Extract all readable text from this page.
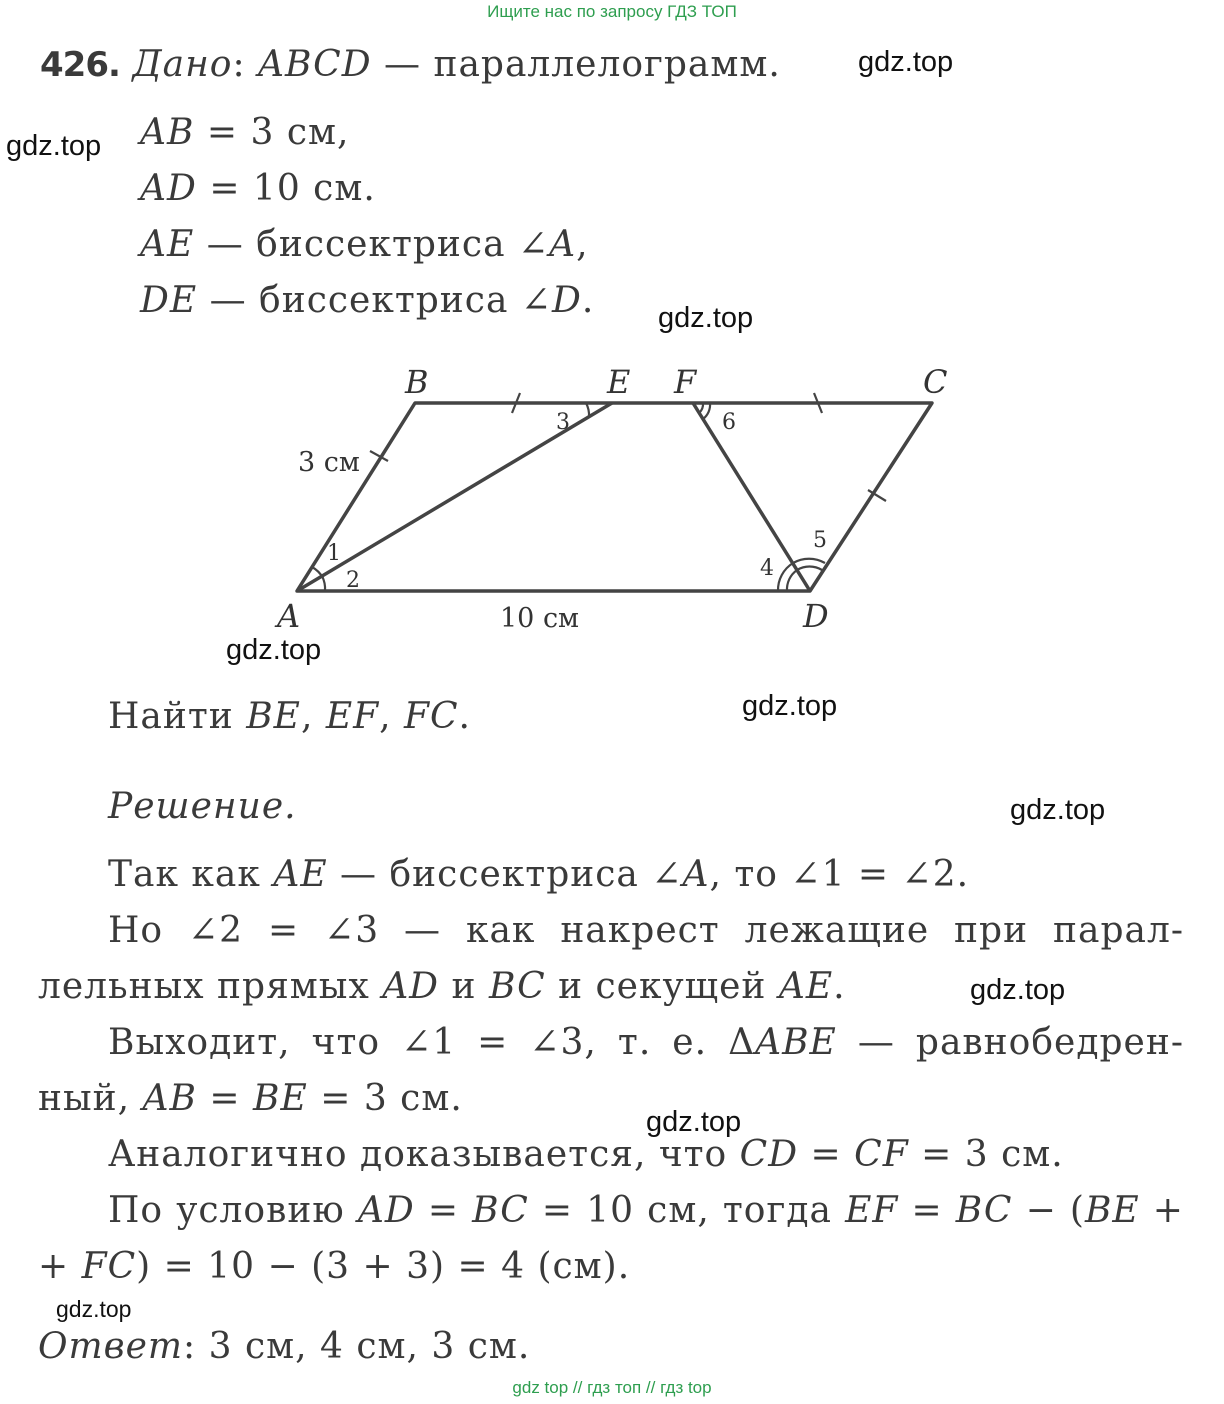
Ищите нас по запросу ГДЗ ТОП
426. Дано: ABCD — параллелограмм.
AB = 3 см,
AD = 10 см.
AE — биссектриса ∠A,
DE — биссектриса ∠D.
B	E F	C
A	D
3 см
10 см
1
2
3
4
5
6
Найти BE, EF, FC.
Решение.
Так как AE — биссектриса ∠A, то ∠1 = ∠2.
Но ∠2 = ∠3 — как накрест лежащие при парал-
лельных прямых AD и BC и секущей AE.
Выходит, что ∠1 = ∠3, т. е. ΔABE — равнобедрен-
ный, AB = BE = 3 см.
Аналогично доказывается, что CD = CF = 3 см.
По условию AD = BC = 10 см, тогда EF = BC − (BE +
+ FC) = 10 − (3 + 3) = 4 (см).
Ответ: 3 см, 4 см, 3 см.
gdz.top
gdz.top
gdz.top
gdz.top
gdz.top
gdz.top
gdz.top
gdz.top
gdz.top
gdz top // гдз топ // гдз top
